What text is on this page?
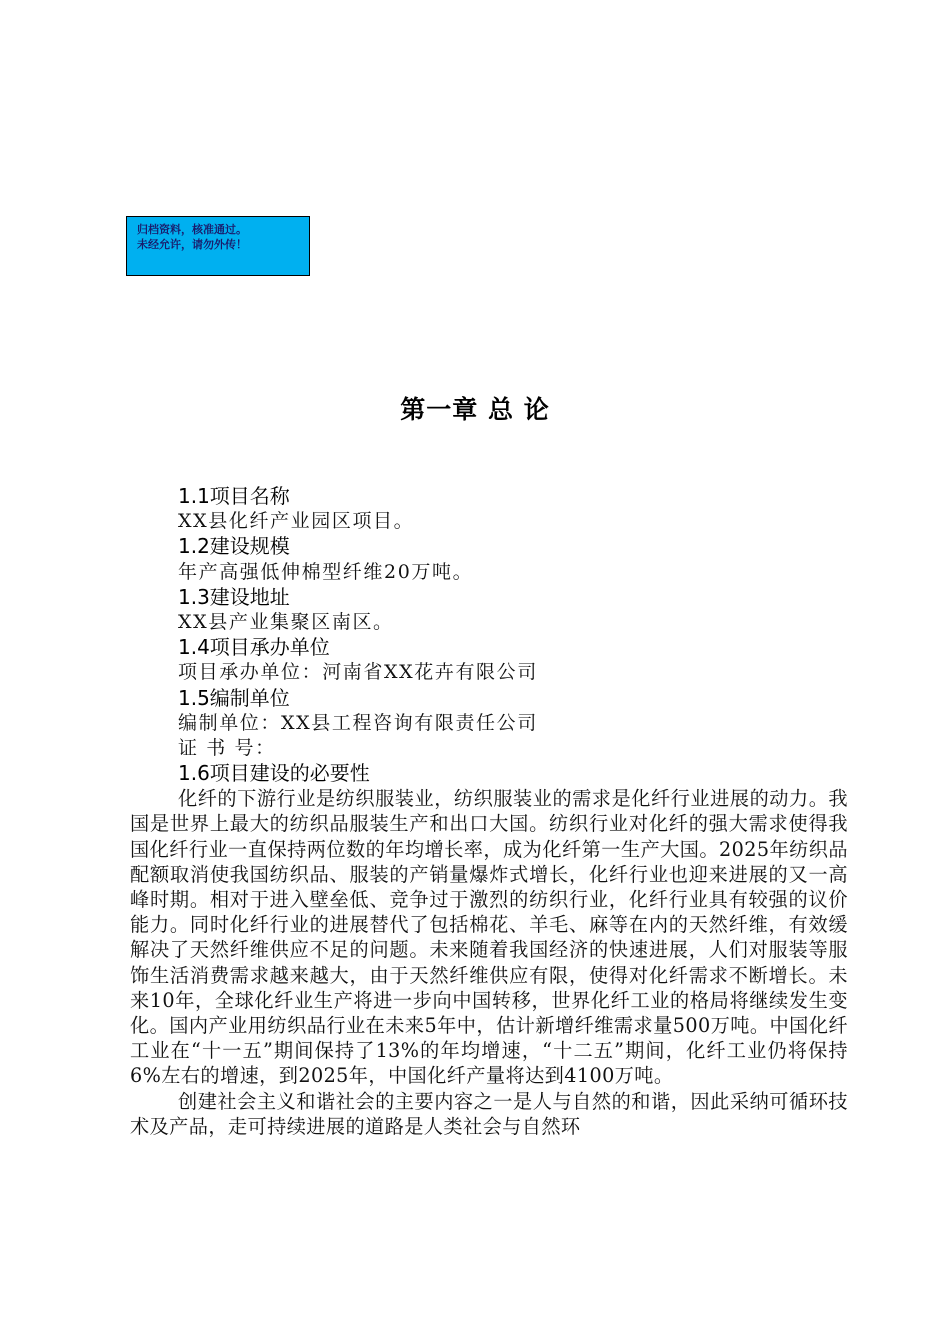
归档资料，核准通过。
未经允许，请勿外传！
第一章 总 论
1.1项目名称
XX县化纤产业园区项目。
1.2建设规模
年产高强低伸棉型纤维20万吨。
1.3建设地址
XX县产业集聚区南区。
1.4项目承办单位
项目承办单位：河南省XX花卉有限公司
1.5编制单位
编制单位：XX县工程咨询有限责任公司
证 书 号：
1.6项目建设的必要性

化纤的下游行业是纺织服装业，纺织服装业的需求是化纤行业进展的动力。我国是世界上最大的纺织品服装生产和出口大国。纺织行业对化纤的强大需求使得我国化纤行业一直保持两位数的年均增长率，成为化纤第一生产大国。2025年纺织品配额取消使我国纺织品、服装的产销量爆炸式增长，化纤行业也迎来进展的又一高峰时期。相对于进入壁垒低、竞争过于激烈的纺织行业，化纤行业具有较强的议价能力。同时化纤行业的进展替代了包括棉花、羊毛、麻等在内的天然纤维，有效缓解决了天然纤维供应不足的问题。未来随着我国经济的快速进展，人们对服装等服饰生活消费需求越来越大，由于天然纤维供应有限，使得对化纤需求不断增长。未来10年，全球化纤业生产将进一步向中国转移，世界化纤工业的格局将继续发生变化。国内产业用纺织品行业在未来5年中，估计新增纤维需求量500万吨。中国化纤工业在“十一五”期间保持了13%的年均增速，“十二五”期间，化纤工业仍将保持6%左右的增速，到2025年，中国化纤产量将达到4100万吨。

创建社会主义和谐社会的主要内容之一是人与自然的和谐，因此采纳可循环技术及产品，走可持续进展的道路是人类社会与自然环
